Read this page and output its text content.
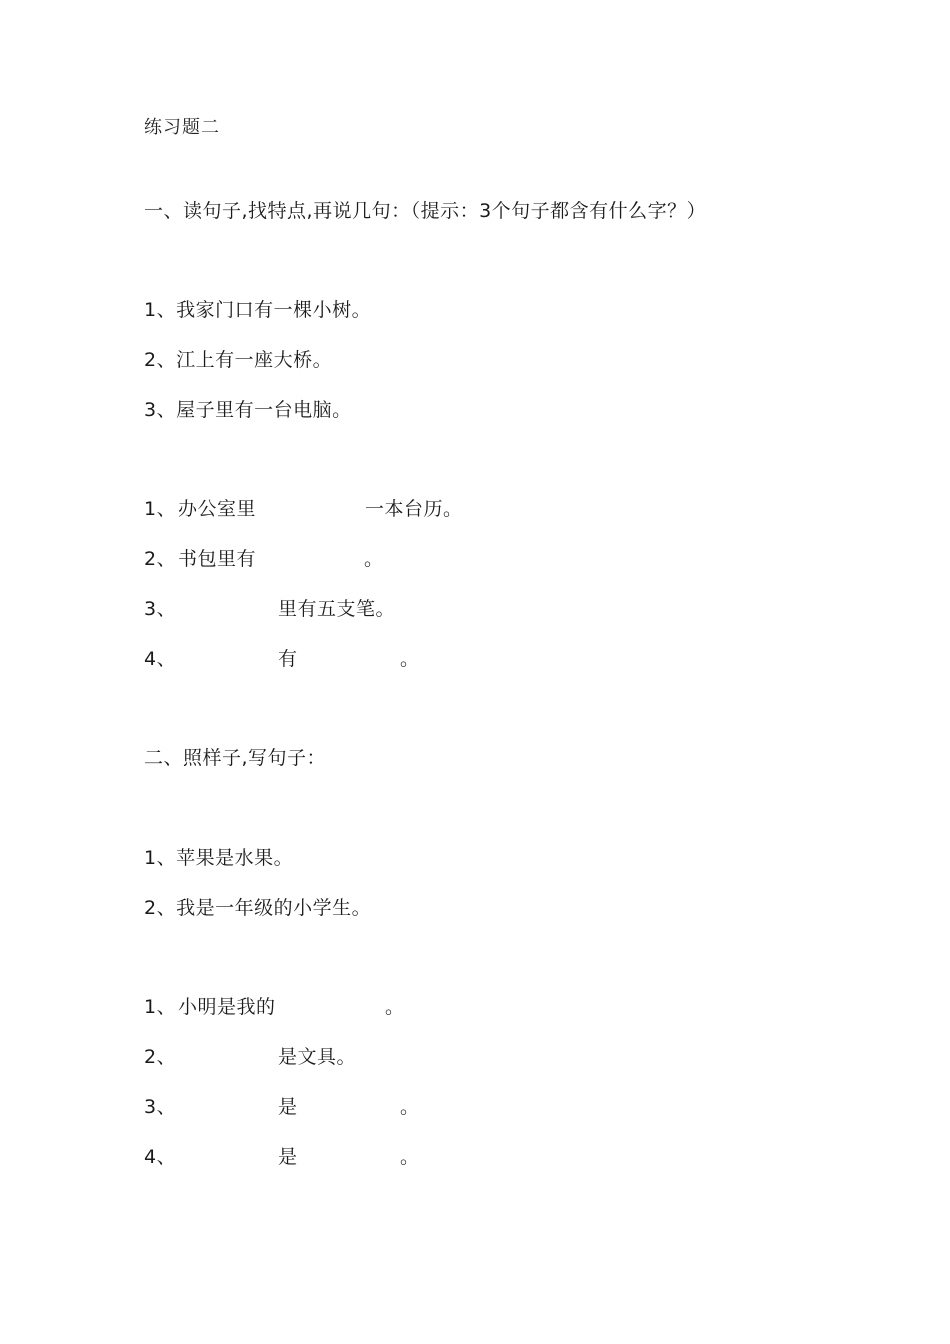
练习题二
一、读句子,找特点,再说几句：（提示：3个句子都含有什么字？）
1、我家门口有一棵小树。
2、江上有一座大桥。
3、屋子里有一台电脑。
1、 办公室里	一本台历。
2、 书包里有	。
3、	里有五支笔。
4、	有	。
二、照样子,写句子：
1、苹果是水果。
2、我是一年级的小学生。
1、 小明是我的	。
2、	是文具。
3、	是	。
4、	是	。
